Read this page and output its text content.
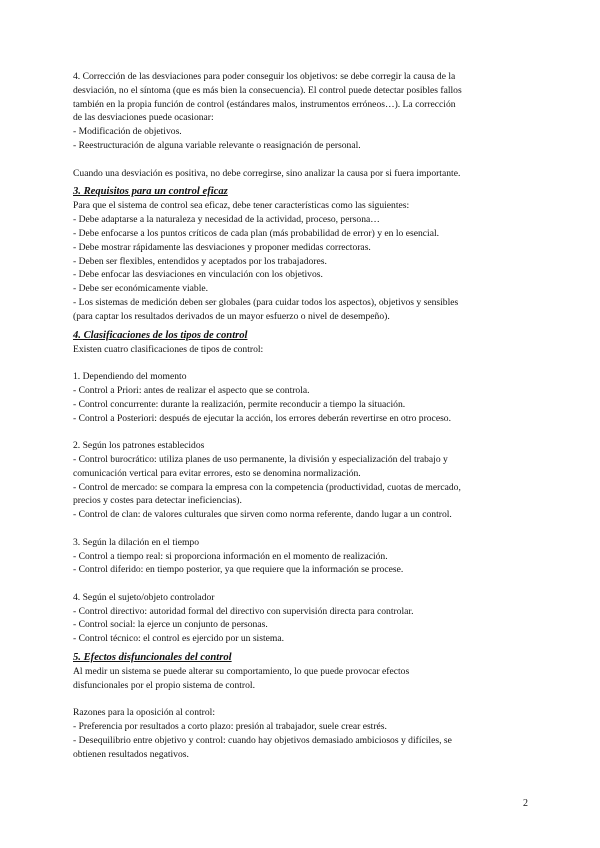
4. Corrección de las desviaciones para poder conseguir los objetivos: se debe corregir la causa de la
desviación, no el síntoma (que es más bien la consecuencia). El control puede detectar posibles fallos
también en la propia función de control (estándares malos, instrumentos erróneos…). La corrección
de las desviaciones puede ocasionar:
- Modificación de objetivos.
- Reestructuración de alguna variable relevante o reasignación de personal.
Cuando una desviación es positiva, no debe corregirse, sino analizar la causa por si fuera importante.
3. Requisitos para un control eficaz
Para que el sistema de control sea eficaz, debe tener características como las siguientes:
- Debe adaptarse a la naturaleza y necesidad de la actividad, proceso, persona…
- Debe enfocarse a los puntos críticos de cada plan (más probabilidad de error) y en lo esencial.
- Debe mostrar rápidamente las desviaciones y proponer medidas correctoras.
- Deben ser flexibles, entendidos y aceptados por los trabajadores.
- Debe enfocar las desviaciones en vinculación con los objetivos.
- Debe ser económicamente viable.
- Los sistemas de medición deben ser globales (para cuidar todos los aspectos), objetivos y sensibles
(para captar los resultados derivados de un mayor esfuerzo o nivel de desempeño).
4. Clasificaciones de los tipos de control
Existen cuatro clasificaciones de tipos de control:
1. Dependiendo del momento
- Control a Priori: antes de realizar el aspecto que se controla.
- Control concurrente: durante la realización, permite reconducir a tiempo la situación.
- Control a Posteriori: después de ejecutar la acción, los errores deberán revertirse en otro proceso.
2. Según los patrones establecidos
- Control burocrático: utiliza planes de uso permanente, la división y especialización del trabajo y
comunicación vertical para evitar errores, esto se denomina normalización.
- Control de mercado: se compara la empresa con la competencia (productividad, cuotas de mercado,
precios y costes para detectar ineficiencias).
- Control de clan: de valores culturales que sirven como norma referente, dando lugar a un control.
3. Según la dilación en el tiempo
- Control a tiempo real: si proporciona información en el momento de realización.
- Control diferido: en tiempo posterior, ya que requiere que la información se procese.
4. Según el sujeto/objeto controlador
- Control directivo: autoridad formal del directivo con supervisión directa para controlar.
- Control social: la ejerce un conjunto de personas.
- Control técnico: el control es ejercido por un sistema.
5. Efectos disfuncionales del control
Al medir un sistema se puede alterar su comportamiento, lo que puede provocar efectos
disfuncionales por el propio sistema de control.
Razones para la oposición al control:
- Preferencia por resultados a corto plazo: presión al trabajador, suele crear estrés.
- Desequilibrio entre objetivo y control: cuando hay objetivos demasiado ambiciosos y difíciles, se
obtienen resultados negativos.
2
